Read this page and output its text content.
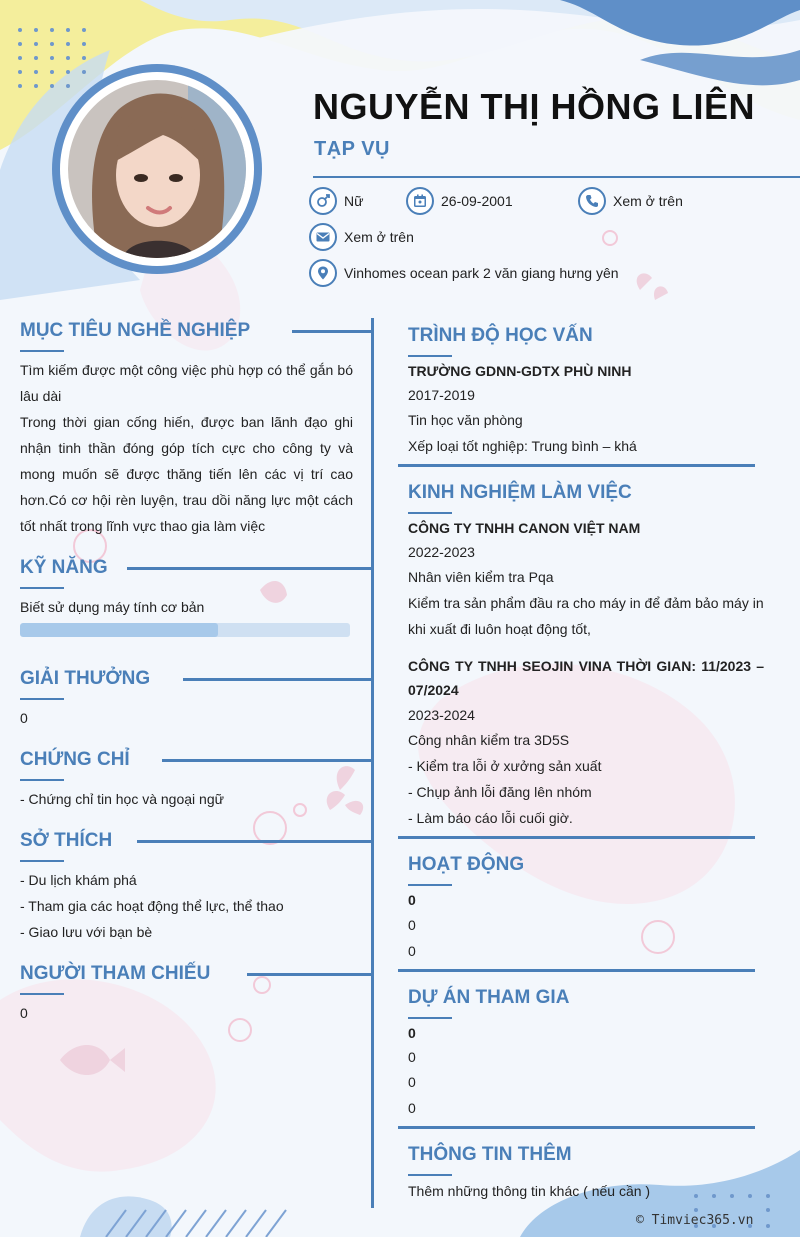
NGUYỄN THỊ HỒNG LIÊN
TẠP VỤ
Nữ	26-09-2001	Xem ở trên
Xem ở trên
Vinhomes ocean park 2 văn giang hưng yên
MỤC TIÊU NGHỀ NGHIỆP
Tìm kiếm được một công việc phù hợp có thể gắn bó lâu dài
Trong thời gian cống hiến, được ban lãnh đạo ghi nhận tinh thần đóng góp tích cực cho công ty và mong muốn sẽ được thăng tiến lên các vị trí cao hơn.Có cơ hội rèn luyện, trau dồi năng lực một cách tốt nhất trong lĩnh vực thao gia làm việc
KỸ NĂNG
Biết sử dụng máy tính cơ bản
GIẢI THƯỞNG
0
CHỨNG CHỈ
- Chứng chỉ tin học và ngoại ngữ
SỞ THÍCH
- Du lịch khám phá
- Tham gia các hoạt động thể lực, thể thao
- Giao lưu với bạn bè
NGƯỜI THAM CHIẾU
0
TRÌNH ĐỘ HỌC VẤN
TRƯỜNG GDNN-GDTX PHÙ NINH
2017-2019
Tin học văn phòng
Xếp loại tốt nghiệp: Trung bình – khá
KINH NGHIỆM LÀM VIỆC
CÔNG TY TNHH CANON VIỆT NAM
2022-2023
Nhân viên kiểm tra Pqa
Kiểm tra sản phẩm đầu ra cho máy in để đảm bảo máy in khi xuất đi luôn hoạt động tốt,
CÔNG TY TNHH SEOJIN VINA THỜI GIAN: 11/2023 – 07/2024
2023-2024
Công nhân kiểm tra 3D5S
- Kiểm tra lỗi ở xưởng sản xuất
- Chụp ảnh lỗi đăng lên nhóm
- Làm báo cáo lỗi cuối giờ.
HOẠT ĐỘNG
0
0
0
DỰ ÁN THAM GIA
0
0
0
0
THÔNG TIN THÊM
Thêm những thông tin khác ( nếu cần )
© Timviec365.vn
